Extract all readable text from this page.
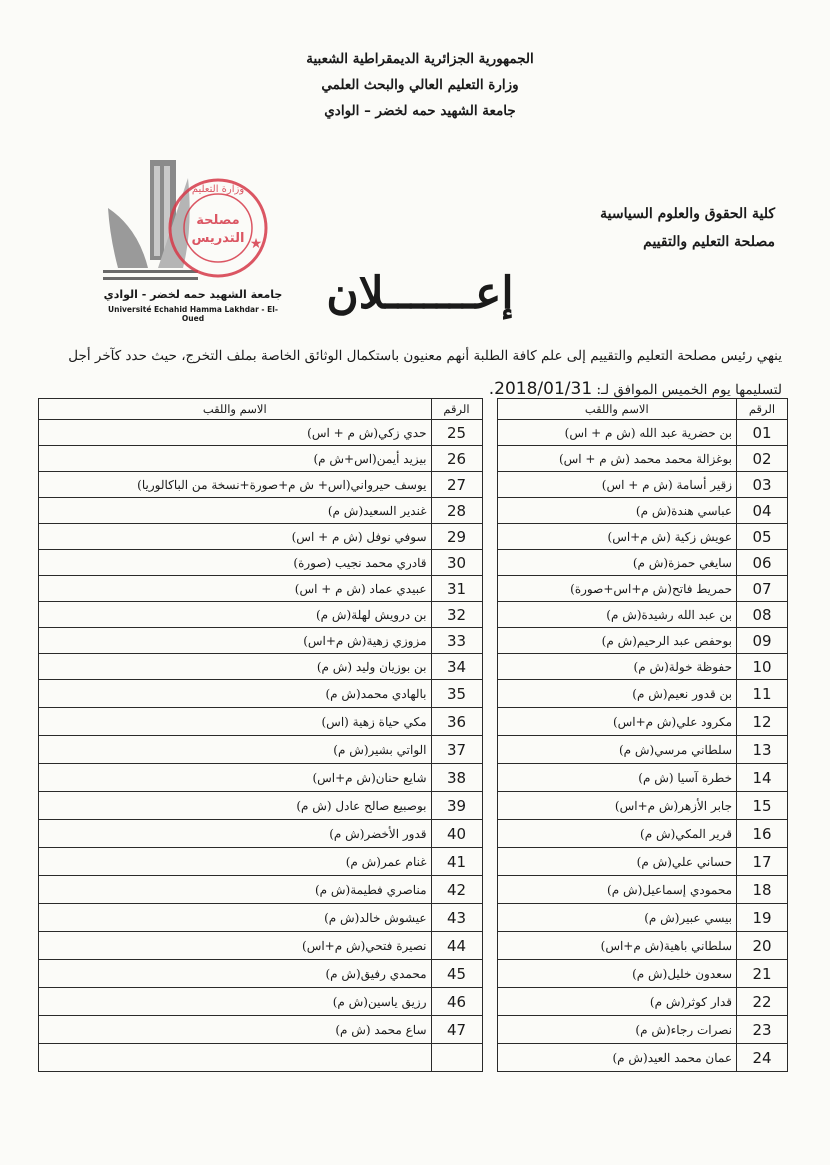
الجمهورية الجزائرية الديمقراطية الشعبية
وزارة التعليم العالي والبحث العلمي
جامعة الشهيد حمه لخضر – الوادي
مصلحة
التدريس
وزارة التعليم
★
جامعة الشهيد حمه لخضر - الوادي
Université Echahid Hamma Lakhdar - El-Oued
كلية الحقوق والعلوم السياسية
مصلحة التعليم والتقييم
إعـــــــلان
ينهي رئيس مصلحة التعليم والتقييم إلى علم كافة الطلبة أنهم معنيون باستكمال الوثائق الخاصة بملف التخرج، حيث حدد كآخر أجل لتسليمها يوم الخميس الموافق لـ: 2018/01/31.
الرقم	الاسم واللقب		الرقم	الاسم واللقب
01	بن حضرية عبد الله (ش م + اس)		25	حدي زكي(ش م + اس)
02	بوغزالة محمد محمد (ش م + اس)		26	بيزيد أيمن(اس+ش م)
03	زقير أسامة (ش م + اس)		27	يوسف حيرواني(اس+ ش م+صورة+نسخة من الباكالوريا)
04	عباسي هندة(ش م)		28	غندير السعيد(ش م)
05	عويش زكية (ش م+اس)		29	سوفي نوفل (ش م + اس)
06	سايغي حمزة(ش م)		30	قادري محمد نجيب (صورة)
07	حمريط فاتح(ش م+اس+صورة)		31	عبيدي عماد (ش م + اس)
08	بن عبد الله رشيدة(ش م)		32	بن درويش لهلة(ش م)
09	بوحفص عبد الرحيم(ش م)		33	مزوزي زهية(ش م+اس)
10	حفوظة خولة(ش م)		34	بن بوزيان وليد (ش م)
11	بن قدور نعيم(ش م)		35	بالهادي محمد(ش م)
12	مكرود علي(ش م+اس)		36	مكي حياة زهية (اس)
13	سلطاني مرسي(ش م)		37	الواتي بشير(ش م)
14	خطرة آسيا (ش م)		38	شايع حنان(ش م+اس)
15	جابر الأزهر(ش م+اس)		39	بوصبيع صالح عادل (ش م)
16	قرير المكي(ش م)		40	قدور الأخضر(ش م)
17	حساني علي(ش م)		41	غنام عمر(ش م)
18	محمودي إسماعيل(ش م)		42	مناصري فطيمة(ش م)
19	بيسي عبير(ش م)		43	عيشوش خالد(ش م)
20	سلطاني باهية(ش م+اس)		44	نصيرة فتحي(ش م+اس)
21	سعدون خليل(ش م)		45	محمدي رفيق(ش م)
22	قدار كوثر(ش م)		46	رزيق ياسين(ش م)
23	نصرات رجاء(ش م)		47	ساع محمد (ش م)
24	عمان محمد العيد(ش م)			
